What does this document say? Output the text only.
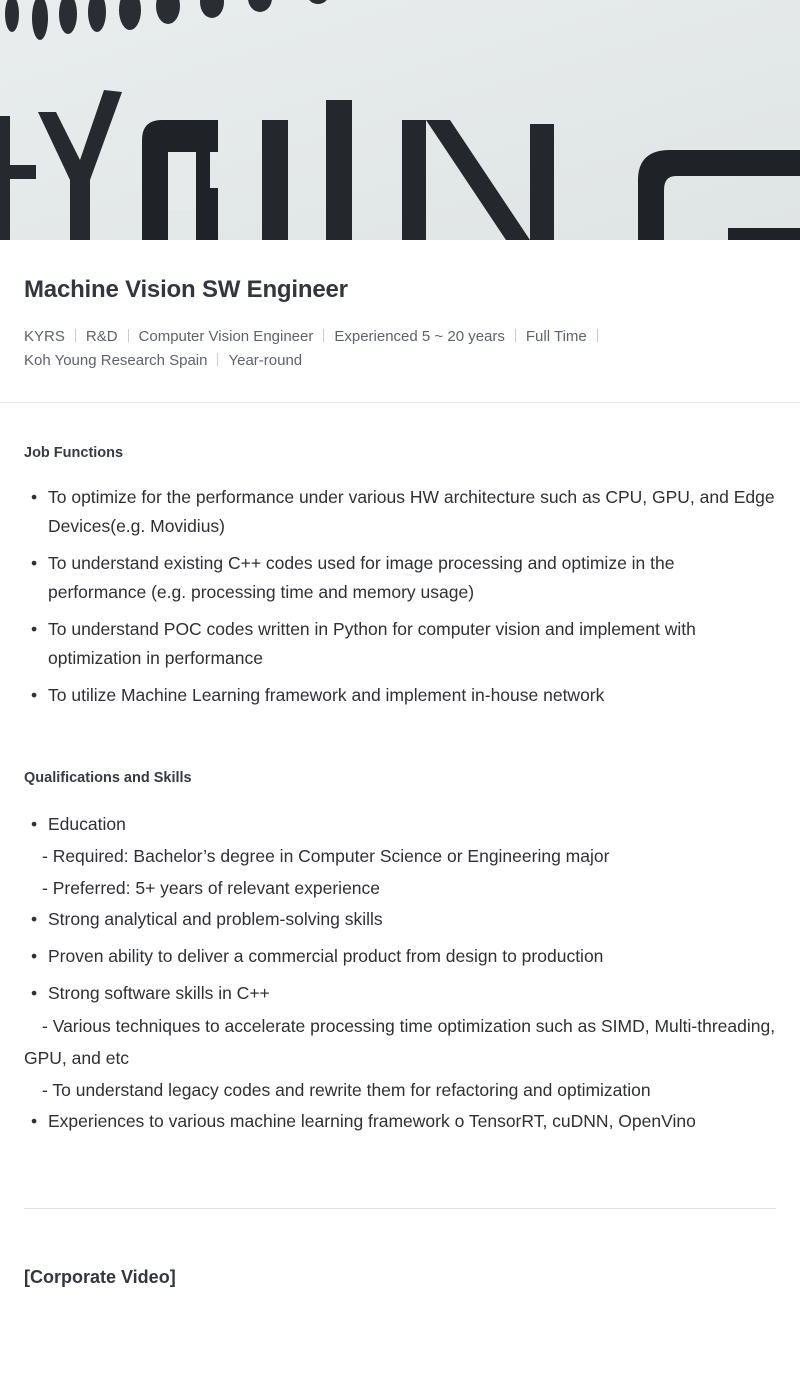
Machine Vision SW Engineer
KYRS R&D Computer Vision Engineer Experienced 5 ~ 20 years Full TimeKoh Young Research Spain Year-round
Job Functions
• To optimize for the performance under various HW architecture such as CPU, GPU, and Edge Devices(e.g. Movidius)
• To understand existing C++ codes used for image processing and optimize in the performance (e.g. processing time and memory usage)
• To understand POC codes written in Python for computer vision and implement with optimization in performance
• To utilize Machine Learning framework and implement in-house network
Qualifications and Skills
• Education
- Required: Bachelor’s degree in Computer Science or Engineering major
- Preferred: 5+ years of relevant experience
• Strong analytical and problem-solving skills
• Proven ability to deliver a commercial product from design to production
• Strong software skills in C++
- Various techniques to accelerate processing time optimization such as SIMD, Multi-threading, GPU, and etc
- To understand legacy codes and rewrite them for refactoring and optimization
• Experiences to various machine learning framework o TensorRT, cuDNN, OpenVino
[Corporate Video]
